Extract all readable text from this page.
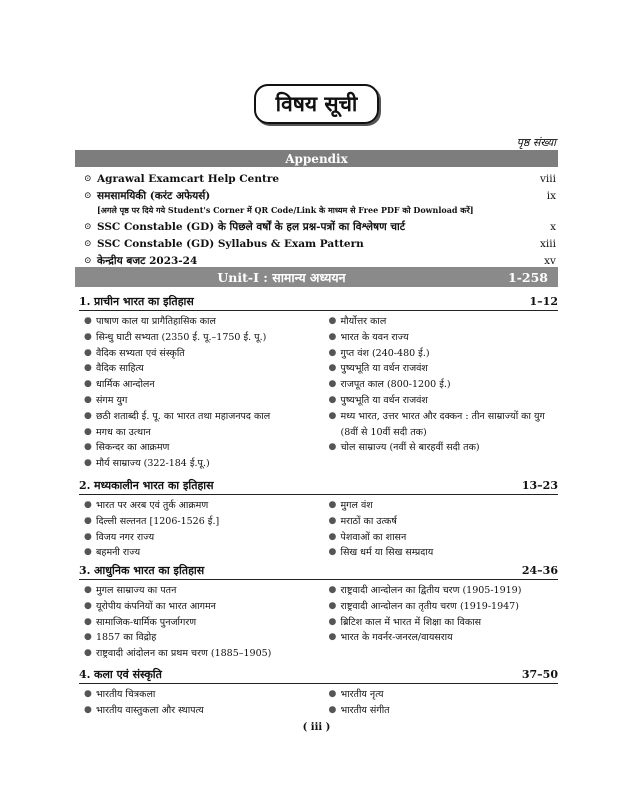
विषय सूची
पृष्ठ संख्या
Appendix
⊙ Agrawal Examcart Help Centre	viii
⊙ समसामयिकी (करंट अफेयर्स)	ix
[अगले पृष्ठ पर दिये गये Student's Corner में QR Code/Link के माध्यम से Free PDF को Download करें]
⊙ SSC Constable (GD) के पिछले वर्षों के हल प्रश्न-पत्रों का विश्लेषण चार्ट	x
⊙ SSC Constable (GD) Syllabus & Exam Pattern	xiii
⊙ केन्द्रीय बजट 2023-24	xv
Unit-I : सामान्य अध्ययन	1-258
1. प्राचीन भारत का इतिहास	1–12
● पाषाण काल या प्रागैतिहासिक काल
● सिन्धु घाटी सभ्यता (2350 ई. पू.–1750 ई. पू.)
● वैदिक सभ्यता एवं संस्कृति
● वैदिक साहित्य
● धार्मिक आन्दोलन
● संगम युग
● छठी शताब्दी ई. पू. का भारत तथा महाजनपद काल
● मगध का उत्थान
● सिकन्दर का आक्रमण
● मौर्य साम्राज्य (322-184 ई.पू.)
● मौर्योत्तर काल
● भारत के यवन राज्य
● गुप्त वंश (240-480 ई.)
● पुष्यभूति या वर्धन राजवंश
● राजपूत काल (800-1200 ई.)
● पुष्यभूति या वर्धन राजवंश
● मध्य भारत, उत्तर भारत और दक्कन : तीन साम्राज्यों का युग (8वीं से 10वीं सदी तक)
● चोल साम्राज्य (नवीं से बारहवीं सदी तक)
2. मध्यकालीन भारत का इतिहास	13–23
● भारत पर अरब एवं तुर्क आक्रमण
● दिल्ली सल्तनत [1206-1526 ई.]
● विजय नगर राज्य
● बहमनी राज्य
● मुगल वंश
● मराठों का उत्कर्ष
● पेशवाओं का शासन
● सिख धर्म या सिख सम्प्रदाय
3. आधुनिक भारत का इतिहास	24–36
● मुगल साम्राज्य का पतन
● यूरोपीय कंपनियों का भारत आगमन
● सामाजिक-धार्मिक पुनर्जागरण
● 1857 का विद्रोह
● राष्ट्रवादी आंदोलन का प्रथम चरण (1885–1905)
● राष्ट्रवादी आन्दोलन का द्वितीय चरण (1905-1919)
● राष्ट्रवादी आन्दोलन का तृतीय चरण (1919-1947)
● ब्रिटिश काल में भारत में शिक्षा का विकास
● भारत के गवर्नर-जनरल/वायसराय
4. कला एवं संस्कृति	37–50
● भारतीय चित्रकला
● भारतीय वास्तुकला और स्थापत्य
● भारतीय नृत्य
● भारतीय संगीत
( iii )
